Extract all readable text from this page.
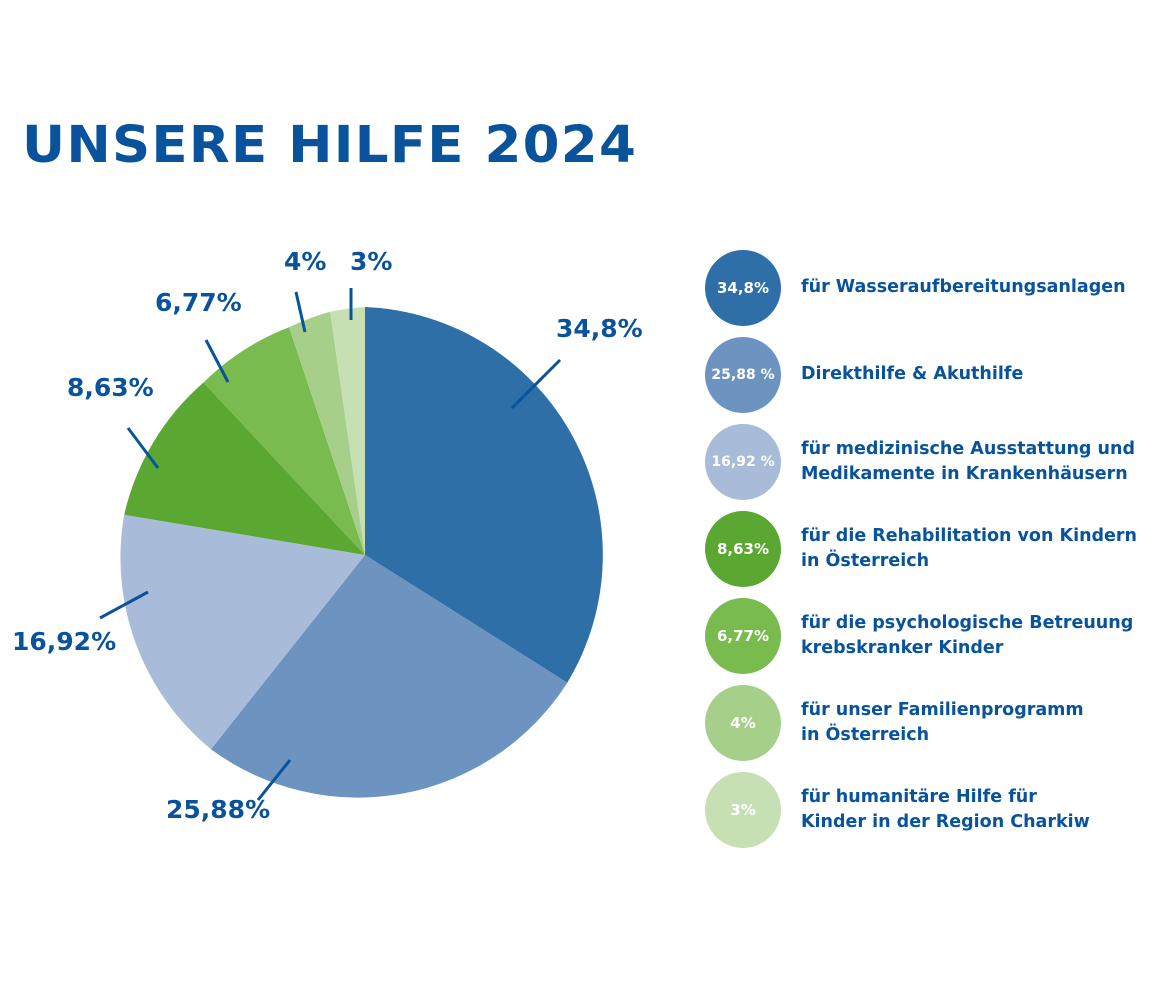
UNSERE HILFE 2024
34,8%
25,88%
16,92%
8,63%
6,77%
4% 3%
34,8%	für Wasseraufbereitungsanlagen
25,88 %	Direkthilfe & Akuthilfe
16,92 %
für medizinische Ausstattung und
Medikamente in Krankenhäusern
8,63%
für die Rehabilitation von Kindern
in Österreich
6,77%
für die psychologische Betreuung
krebskranker Kinder
4%
für unser Familienprogramm
in Österreich
3%
für humanitäre Hilfe für
Kinder in der Region Charkiw
